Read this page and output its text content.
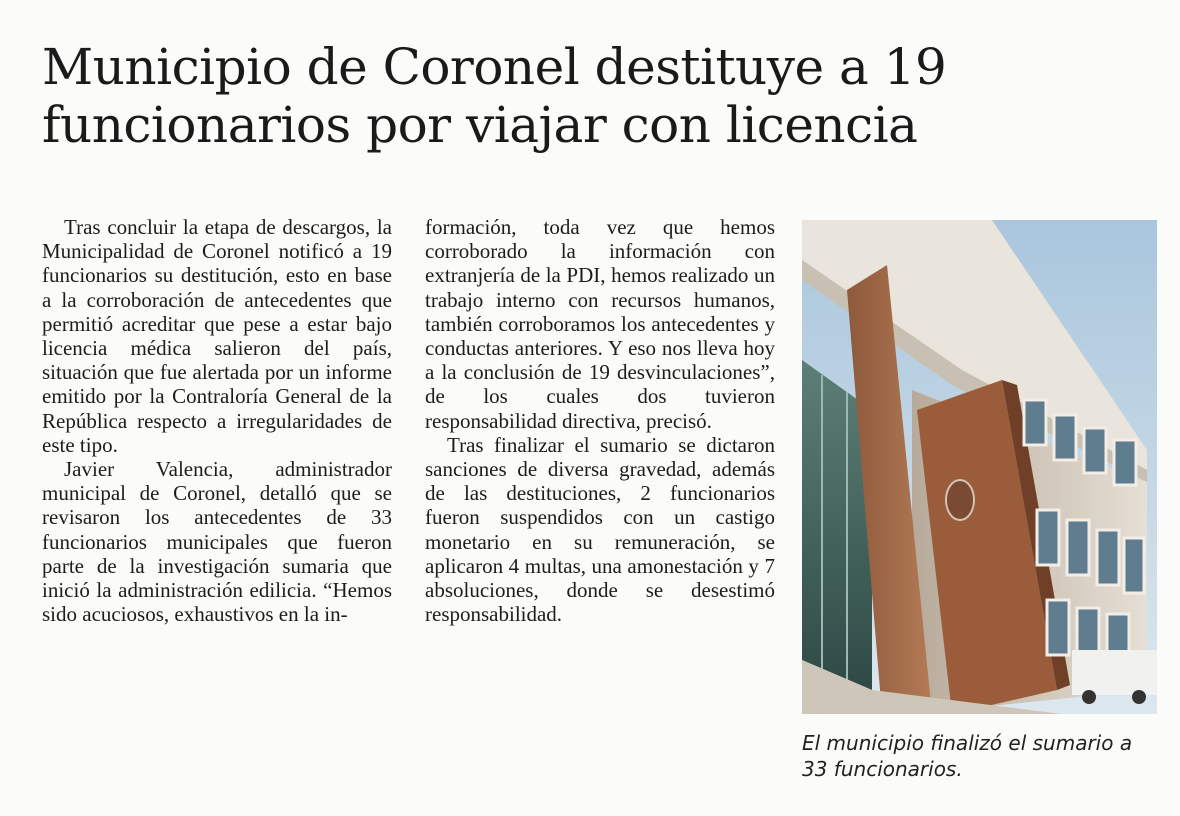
Municipio de Coronel destituye a 19
funcionarios por viajar con licencia

Tras concluir la etapa de descargos, la Municipalidad de Coronel notificó a 19 funcionarios su destitución, esto en base a la corroboración de antecedentes que permitió acreditar que pese a estar bajo licencia médica salieron del país, situación que fue alertada por un informe emitido por la Contraloría General de la República respecto a irregularidades de este tipo.

Javier Valencia, administrador municipal de Coronel, detalló que se revisaron los antecedentes de 33 funcionarios municipales que fueron parte de la investigación sumaria que inició la administración edilicia. “Hemos sido acuciosos, exhaustivos en la in-

formación, toda vez que hemos corroborado la información con extranjería de la PDI, hemos realizado un trabajo interno con recursos humanos, también corroboramos los antecedentes y conductas anteriores. Y eso nos lleva hoy a la conclusión de 19 desvinculaciones”, de los cuales dos tuvieron responsabilidad directiva, precisó.

Tras finalizar el sumario se dictaron sanciones de diversa gravedad, además de las destituciones, 2 funcionarios fueron suspendidos con un castigo monetario en su remuneración, se aplicaron 4 multas, una amonestación y 7 absoluciones, donde se desestimó responsabilidad.

El municipio finalizó el sumario a 33 funcionarios.
